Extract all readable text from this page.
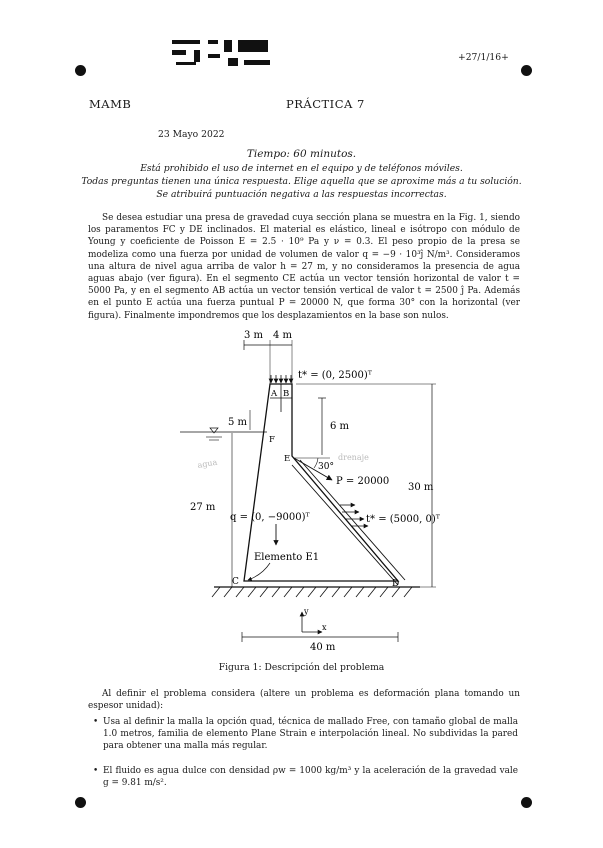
+27/1/16+
MAMB	PRÁCTICA 7
23 Mayo 2022
Tiempo: 60 minutos.
Está prohibido el uso de internet en el equipo y de teléfonos móviles.
Todas preguntas tienen una única respuesta. Elige aquella que se aproxime más a tu solución.
Se atribuirá puntuación negativa a las respuestas incorrectas.
Se desea estudiar una presa de gravedad cuya sección plana se muestra en la Fig. 1, siendo los paramentos FC y DE inclinados. El material es elástico, lineal e isótropo con módulo de Young y coeficiente de Poisson E = 2.5 · 10⁹ Pa y ν = 0.3. El peso propio de la presa se modeliza como una fuerza por unidad de volumen de valor q = −9 · 10³ĵ N/m³. Consideramos una altura de nivel agua arriba de valor h = 27 m, y no consideramos la presencia de agua aguas abajo (ver figura). En el segmento CE actúa un vector tensión horizontal de valor t = 5000 Pa, y en el segmento AB actúa un vector tensión vertical de valor t = 2500 ĵ Pa. Además en el punto E actúa una fuerza puntual P = 20000 N, que forma 30° con la horizontal (ver figura). Finalmente impondremos que los desplazamientos en la base son nulos.
3 m 4 m
t* = (0, 2500)ᵀ
A B
5 m
F
agua
6 m
30 m
E
30°
P = 20000
drenaje
t* = (5000, 0)ᵀ
27 m
q = (0, −9000)ᵀ
Elemento E1
C	D
y
x
40 m
Figura 1: Descripción del problema
Al definir el problema considera (altere un problema es deformación plana tomando un espesor unidad):
• Usa al definir la malla la opción quad, técnica de mallado Free, con tamaño global de malla 1.0 metros, familia de elemento Plane Strain e interpolación lineal. No subdividas la pared para obtener una malla más regular.
• El fluido es agua dulce con densidad ρw = 1000 kg/m³ y la aceleración de la gravedad vale g = 9.81 m/s².
